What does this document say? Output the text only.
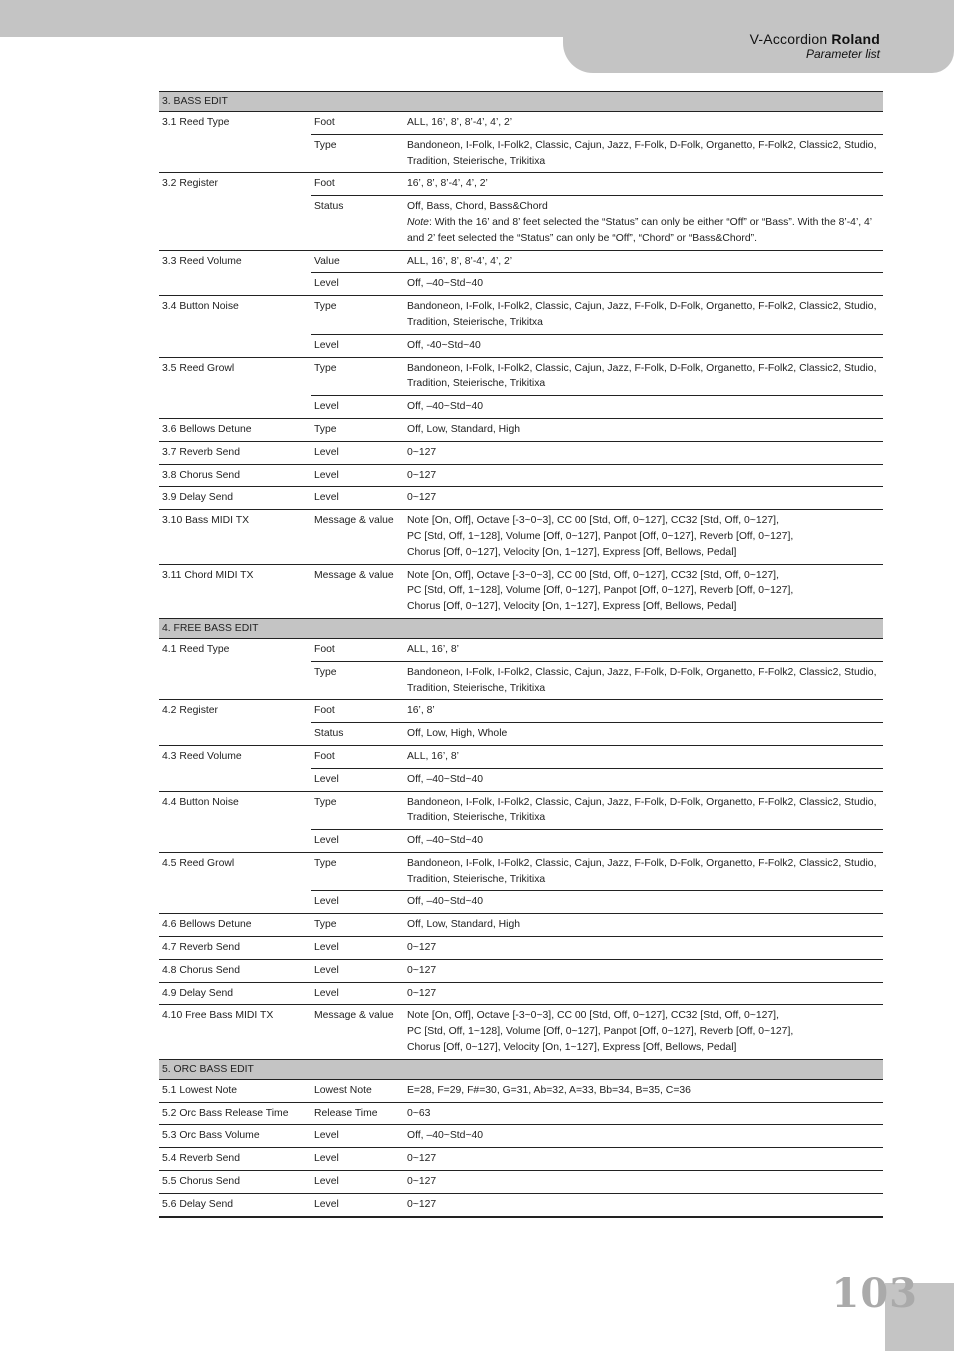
V-Accordion Roland
Parameter list
3. BASS EDIT		
3.1 Reed Type	Foot	ALL, 16’, 8’, 8’-4’, 4’, 2’
	Type	Bandoneon, I-Folk, I-Folk2, Classic, Cajun, Jazz, F-Folk, D-Folk, Organetto, F-Folk2, Classic2, Studio, Tradition, Steierische, Trikitixa
3.2 Register	Foot	16’, 8’, 8’-4’, 4’, 2’
	Status	Off, Bass, Chord, Bass&Chord
Note: With the 16’ and 8’ feet selected the “Status” can only be either “Off” or “Bass”. With the 8’-4’, 4’ and 2’ feet selected the “Status” can only be “Off”, “Chord” or “Bass&Chord”.
3.3 Reed Volume	Value	ALL, 16’, 8’, 8’-4’, 4’, 2’
	Level	Off, –40~Std~40
3.4 Button Noise	Type	Bandoneon, I-Folk, I-Folk2, Classic, Cajun, Jazz, F-Folk, D-Folk, Organetto, F-Folk2, Classic2, Studio, Tradition, Steierische, Trikitxa
	Level	Off, -40~Std~40
3.5 Reed Growl	Type	Bandoneon, I-Folk, I-Folk2, Classic, Cajun, Jazz, F-Folk, D-Folk, Organetto, F-Folk2, Classic2, Studio, Tradition, Steierische, Trikitixa
	Level	Off, –40~Std~40
3.6 Bellows Detune	Type	Off, Low, Standard, High
3.7 Reverb Send	Level	0~127
3.8 Chorus Send	Level	0~127
3.9 Delay Send	Level	0~127
3.10 Bass MIDI TX	Message & value	Note [On, Off], Octave [-3~0~3], CC 00 [Std, Off, 0~127], CC32 [Std, Off, 0~127],
PC [Std, Off, 1~128], Volume [Off, 0~127], Panpot [Off, 0~127], Reverb [Off, 0~127],
Chorus [Off, 0~127], Velocity [On, 1~127], Express [Off, Bellows, Pedal]
3.11 Chord MIDI TX	Message & value	Note [On, Off], Octave [-3~0~3], CC 00 [Std, Off, 0~127], CC32 [Std, Off, 0~127],
PC [Std, Off, 1~128], Volume [Off, 0~127], Panpot [Off, 0~127], Reverb [Off, 0~127],
Chorus [Off, 0~127], Velocity [On, 1~127], Express [Off, Bellows, Pedal]
4. FREE BASS EDIT		
4.1 Reed Type	Foot	ALL, 16’, 8’
	Type	Bandoneon, I-Folk, I-Folk2, Classic, Cajun, Jazz, F-Folk, D-Folk, Organetto, F-Folk2, Classic2, Studio, Tradition, Steierische, Trikitixa
4.2 Register	Foot	16’, 8’
	Status	Off, Low, High, Whole
4.3 Reed Volume	Foot	ALL, 16’, 8’
	Level	Off, –40~Std~40
4.4 Button Noise	Type	Bandoneon, I-Folk, I-Folk2, Classic, Cajun, Jazz, F-Folk, D-Folk, Organetto, F-Folk2, Classic2, Studio, Tradition, Steierische, Trikitixa
	Level	Off, –40~Std~40
4.5 Reed Growl	Type	Bandoneon, I-Folk, I-Folk2, Classic, Cajun, Jazz, F-Folk, D-Folk, Organetto, F-Folk2, Classic2, Studio, Tradition, Steierische, Trikitixa
	Level	Off, –40~Std~40
4.6 Bellows Detune	Type	Off, Low, Standard, High
4.7 Reverb Send	Level	0~127
4.8 Chorus Send	Level	0~127
4.9 Delay Send	Level	0~127
4.10 Free Bass MIDI TX	Message & value	Note [On, Off], Octave [-3~0~3], CC 00 [Std, Off, 0~127], CC32 [Std, Off, 0~127],
PC [Std, Off, 1~128], Volume [Off, 0~127], Panpot [Off, 0~127], Reverb [Off, 0~127],
Chorus [Off, 0~127], Velocity [On, 1~127], Express [Off, Bellows, Pedal]
5. ORC BASS EDIT		
5.1 Lowest Note	Lowest Note	E=28, F=29, F#=30, G=31, Ab=32, A=33, Bb=34, B=35, C=36
5.2 Orc Bass Release Time	Release Time	0~63
5.3 Orc Bass Volume	Level	Off, –40~Std~40
5.4 Reverb Send	Level	0~127
5.5 Chorus Send	Level	0~127
5.6 Delay Send	Level	0~127
103
